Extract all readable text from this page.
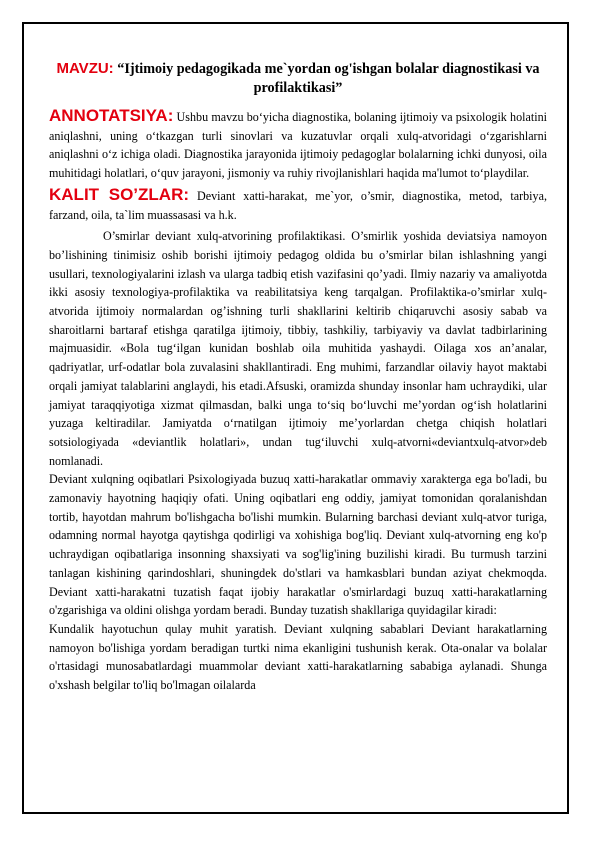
MAVZU: “Ijtimoiy pedagogikada me`yordan og'ishgan bolalar diagnostikasi va profilaktikasi”

ANNOTATSIYA: Ushbu mavzu bo‘yicha diagnostika, bolaning ijtimoiy va psixologik holatini aniqlashni, uning o‘tkazgan turli sinovlari va kuzatuvlar orqali xulq-atvoridagi o‘zgarishlarni aniqlashni o‘z ichiga oladi. Diagnostika jarayonida ijtimoiy pedagoglar bolalarning ichki dunyosi, oila muhitidagi holatlari, o‘quv jarayoni, jismoniy va ruhiy rivojlanishlari haqida ma'lumot to‘playdilar.

KALIT SO’ZLAR: Deviant xatti-harakat, me`yor, o’smir, diagnostika, metod, tarbiya, farzand, oila, ta`lim muassasasi va h.k.

O’smirlar deviant xulq-atvorining profilaktikasi. O’smirlik yoshida deviatsiya namoyon bo’lishining tinimisiz oshib borishi ijtimoiy pedagog oldida bu o’smirlar bilan ishlashning yangi usullari, texnologiyalarini izlash va ularga tadbiq etish vazifasini qo’yadi. Ilmiy nazariy va amaliyotda ikki asosiy texnologiya-profilaktika va reabilitatsiya keng tarqalgan. Profilaktika-o’smirlar xulq-atvorida ijtimoiy normalardan og’ishning turli shakllarini keltirib chiqaruvchi asosiy sabab va sharoitlarni bartaraf etishga qaratilga ijtimoiy, tibbiy, tashkiliy, tarbiyaviy va davlat tadbirlarining majmuasidir. «Bola tug‘ilgan kunidan boshlab oila muhitida yashaydi. Oilaga xos an’analar, qadriyatlar, urf-odatlar bola zuvalasini shakllantiradi. Eng muhimi, farzandlar oilaviy hayot maktabi orqali jamiyat talablarini anglaydi, his etadi.Afsuski, oramizda shunday insonlar ham uchraydiki, ular jamiyat taraqqiyotiga xizmat qilmasdan, balki unga to‘siq bo‘luvchi me’yordan og‘ish holatlarini yuzaga keltiradilar. Jamiyatda o‘rnatilgan ijtimoiy me’yorlardan chetga chiqish holatlari sotsiologiyada «deviantlik holatlari», undan tug‘iluvchi xulq-atvorni«deviantxulq-atvor»deb nomlanadi.

Deviant xulqning oqibatlari Psixologiyada buzuq xatti-harakatlar ommaviy xarakterga ega bo'ladi, bu zamonaviy hayotning haqiqiy ofati. Uning oqibatlari eng oddiy, jamiyat tomonidan qoralanishdan tortib, hayotdan mahrum bo'lishgacha bo'lishi mumkin. Bularning barchasi deviant xulq-atvor turiga, odamning normal hayotga qaytishga qodirligi va xohishiga bog'liq. Deviant xulq-atvorning eng ko'p uchraydigan oqibatlariga insonning shaxsiyati va sog'lig'ining buzilishi kiradi. Bu turmush tarzini tanlagan kishining qarindoshlari, shuningdek do'stlari va hamkasblari bundan aziyat chekmoqda. Deviant xatti-harakatni tuzatish faqat ijobiy harakatlar o'smirlardagi buzuq xatti-harakatlarning o'zgarishiga va oldini olishga yordam beradi. Bunday tuzatish shakllariga quyidagilar kiradi:

Kundalik hayotuchun qulay muhit yaratish. Deviant xulqning sabablari Deviant harakatlarning namoyon bo'lishiga yordam beradigan turtki nima ekanligini tushunish kerak. Ota-onalar va bolalar o'rtasidagi munosabatlardagi muammolar deviant xatti-harakatlarning sababiga aylanadi. Shunga o'xshash belgilar to'liq bo'lmagan oilalarda
